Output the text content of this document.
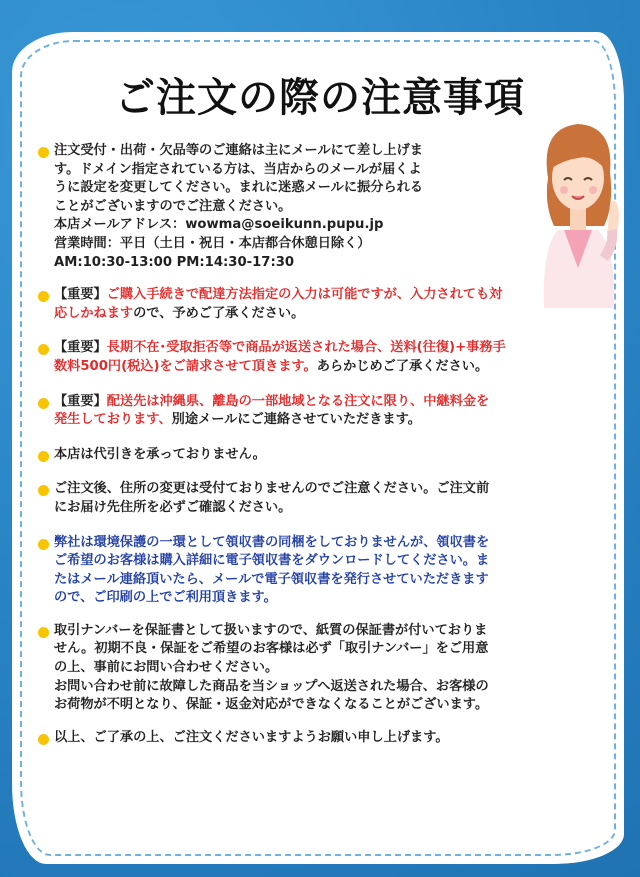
ご注文の際の注意事項
注文受付・出荷・欠品等のご連絡は主にメールにて差し上げま
す。ドメイン指定されている方は、当店からのメールが届くよ
うに設定を変更してください。まれに迷惑メールに振分られる
ことがございますのでご注意ください。
本店メールアドレス：wowma@soeikunn.pupu.jp
営業時間：平日（土日・祝日・本店都合休憩日除く）
AM:10:30-13:00 PM:14:30-17:30
【重要】ご購入手続きで配達方法指定の入力は可能ですが、入力されても対
応しかねますので、予めご了承ください。
【重要】長期不在･受取拒否等で商品が返送された場合、送料(往復)+事務手
数料500円(税込)をご請求させて頂きます。あらかじめご了承ください。
【重要】配送先は沖縄県、離島の一部地域となる注文に限り、中継料金を
発生しております、別途メールにご連絡させていただきます。
本店は代引きを承っておりません。
ご注文後、住所の変更は受付ておりませんのでご注意ください。ご注文前
にお届け先住所を必ずご確認ください。
弊社は環境保護の一環として領収書の同梱をしておりませんが、領収書を
ご希望のお客様は購入詳細に電子領収書をダウンロードしてください。ま
たはメール連絡頂いたら、メールで電子領収書を発行させていただきます
ので、ご印刷の上でご利用頂きます。
取引ナンバーを保証書として扱いますので、紙質の保証書が付いておりま
せん。初期不良・保証をご希望のお客様は必ず「取引ナンバー」をご用意
の上、事前にお問い合わせください。
お問い合わせ前に故障した商品を当ショップへ返送された場合、お客様の
お荷物が不明となり、保証・返金対応ができなくなることがございます。
以上、ご了承の上、ご注文くださいますようお願い申し上げます。
